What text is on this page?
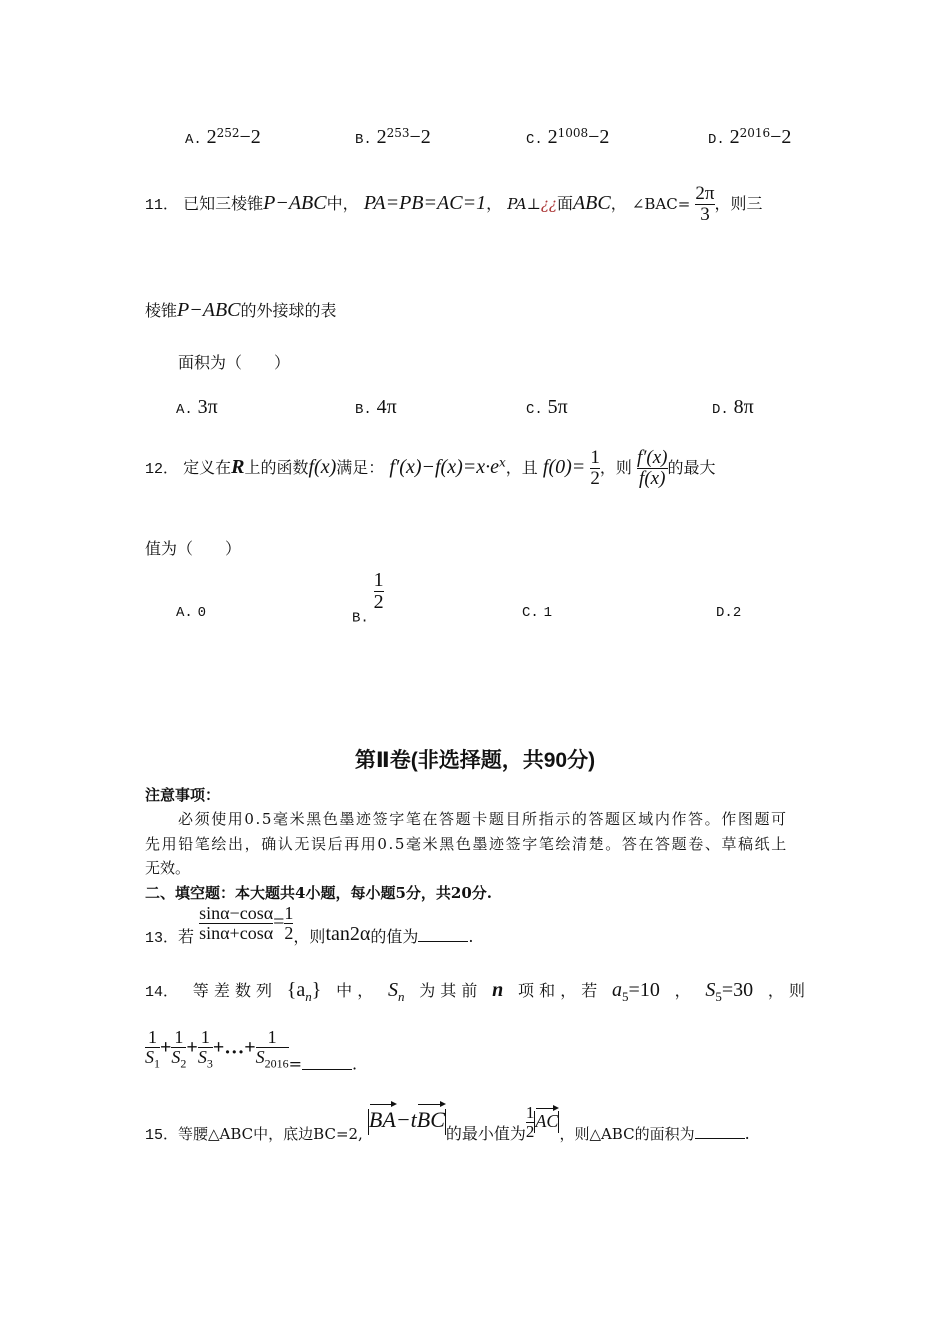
A. $2^{252}-2$	B. $2^{253}-2$	C. $2^{1008}-2$	D. $2^{2016}-2$
11． 已知三棱锥P−ABC中， PA=PB=AC=1， PA⊥¿¿面ABC， ∠BAC= $\frac{2\pi}{3}$ ，则三
棱锥P−ABC的外接球的表
面积为（　　）
A. 3π	B. 4π	C. 5π	D. 8π
12． 定义在R上的函数f(x)满足： $f'(x)-f(x)=x\cdot e^x$，且 $f(0)= \frac{1}{2}$ ，则 $\frac{f'(x)}{f(x)}$ 的最大
值为（　　）
A. 0	B.
$\frac{1}{2}$	C. 1	D.2
第Ⅱ卷(非选择题，共90分)
注意事项：
必须使用0.5毫米黑色墨迹签字笔在答题卡题目所指示的答题区域内作答。作图题可
先用铅笔绘出，确认无误后再用0.5毫米黑色墨迹签字笔绘清楚。答在答题卷、草稿纸上
无效。
二、填空题：本大题共4小题，每小题5分，共20分.
13．若 $\frac{\sin\alpha-\cos\alpha}{\sin\alpha+\cos\alpha} = \frac{1}{2}$ ，则tan2α的值为	.
14． 等 差 数 列 $\{a_n\}$ 中 ， $S_n$ 为 其 前 n 项 和 ， 若 $a_5=10$ ， $S_5=30$ ， 则
$\frac{1}{S_1} + \frac{1}{S_2} + \frac{1}{S_3}$ +…+ $\frac{1}{S_{2016}}$ =	.
15．等腰△ABC中，底边BC=2, BA−tBC的最小值为 $\frac{1}{2}$ AC，则△ABC的面积为	.
